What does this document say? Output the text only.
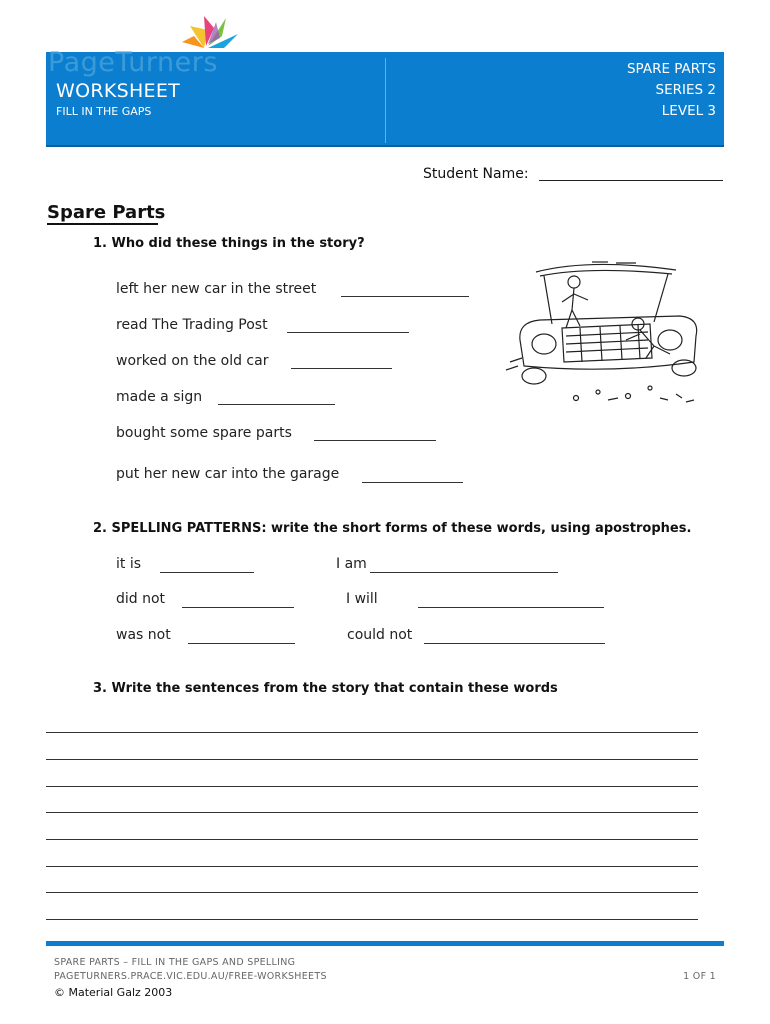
PageTurners
WORKSHEET
FILL IN THE GAPS
SPARE PARTS
SERIES 2
LEVEL 3
Student Name:
Spare Parts
1. Who did these things in the story?
left her new car in the street
read The Trading Post
worked on the old car
made a sign
bought some spare parts
put her new car into the garage
2. SPELLING PATTERNS: write the short forms of these words, using apostrophes.
it is	I am
did not	I will
was not	could not
3. Write the sentences from the story that contain these words
SPARE PARTS – FILL IN THE GAPS AND SPELLING
PAGETURNERS.PRACE.VIC.EDU.AU/FREE-WORKSHEETS	1 OF 1
© Material Galz 2003
